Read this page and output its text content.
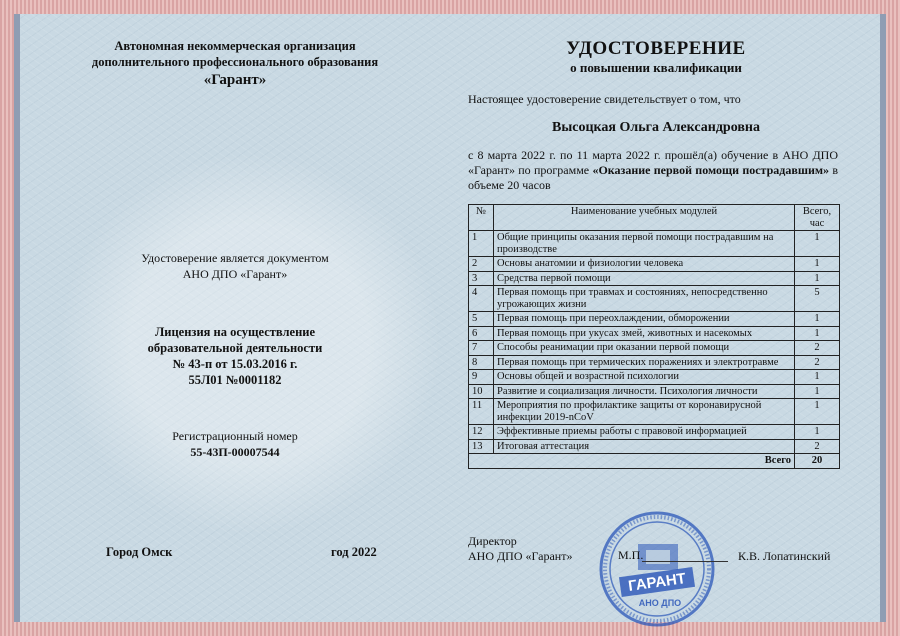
Автономная некоммерческая организация
дополнительного профессионального образования
«Гарант»
Удостоверение является документом
АНО ДПО «Гарант»
Лицензия на осуществление
образовательной деятельности
№ 43-п от 15.03.2016 г.
55Л01 №0001182
Регистрационный номер
55-43П-00007544
Город Омск	год 2022
УДОСТОВЕРЕНИЕ
о повышении квалификации
Настоящее удостоверение свидетельствует о том, что
Высоцкая Ольга Александровна
с 8 марта 2022 г. по 11 марта 2022 г. прошёл(а) обучение в АНО ДПО «Гарант» по программе «Оказание первой помощи пострадавшим» в объеме 20 часов
№	Наименование учебных модулей	Всего, час
1	Общие принципы оказания первой помощи пострадавшим на производстве	1
2	Основы анатомии и физиологии человека	1
3	Средства первой помощи	1
4	Первая помощь при травмах и состояниях, непосредственно угрожающих жизни	5
5	Первая помощь при переохлаждении, обморожении	1
6	Первая помощь при укусах змей, животных и насекомых	1
7	Способы реанимации при оказании первой помощи	2
8	Первая помощь при термических поражениях и электротравме	2
9	Основы общей и возрастной психологии	1
10	Развитие и социализация личности. Психология личности	1
11	Мероприятия по профилактике защиты от коронавирусной инфекции 2019-nCoV	1
12	Эффективные приемы работы с правовой информацией	1
13	Итоговая аттестация	2
Всего		20
Директор
АНО ДПО «Гарант»
ГАРАНТ
АНО ДПО
М.П.	К.В. Лопатинский
